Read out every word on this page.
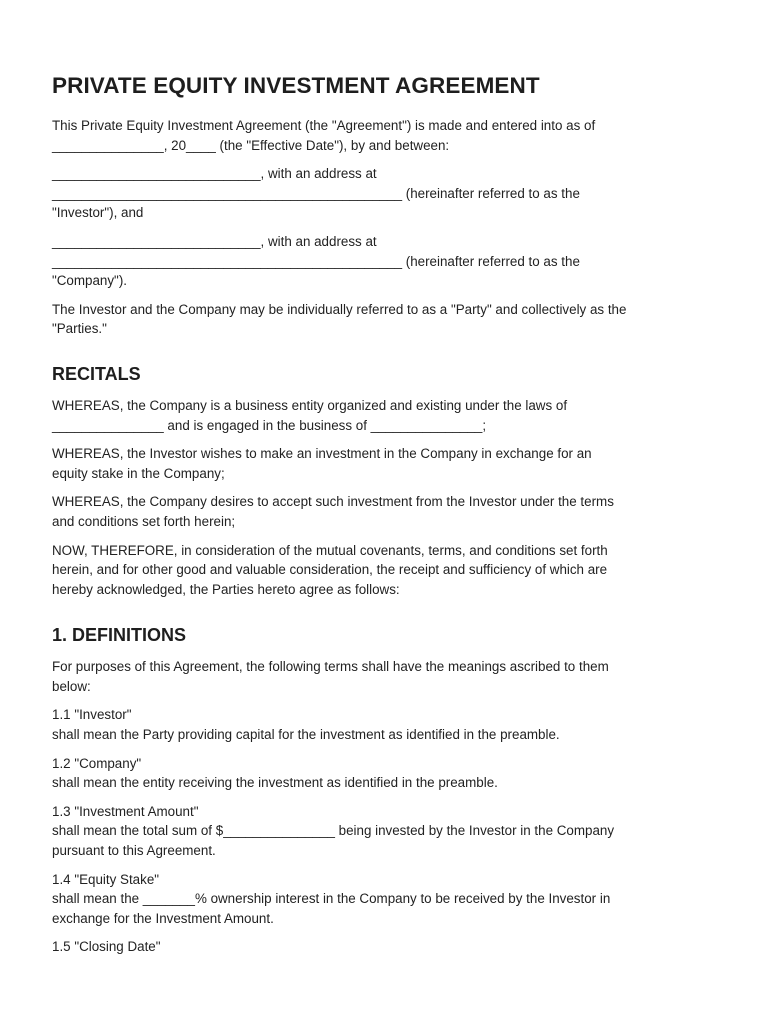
PRIVATE EQUITY INVESTMENT AGREEMENT

This Private Equity Investment Agreement (the "Agreement") is made and entered into as of
_______________, 20____ (the "Effective Date"), by and between:

____________________________, with an address at
_______________________________________________ (hereinafter referred to as the
"Investor"), and

____________________________, with an address at
_______________________________________________ (hereinafter referred to as the
"Company").

The Investor and the Company may be individually referred to as a "Party" and collectively as the
"Parties."

RECITALS

WHEREAS, the Company is a business entity organized and existing under the laws of
_______________ and is engaged in the business of _______________;

WHEREAS, the Investor wishes to make an investment in the Company in exchange for an
equity stake in the Company;

WHEREAS, the Company desires to accept such investment from the Investor under the terms
and conditions set forth herein;

NOW, THEREFORE, in consideration of the mutual covenants, terms, and conditions set forth
herein, and for other good and valuable consideration, the receipt and sufficiency of which are
hereby acknowledged, the Parties hereto agree as follows:

1. DEFINITIONS

For purposes of this Agreement, the following terms shall have the meanings ascribed to them
below:

1.1 "Investor"
shall mean the Party providing capital for the investment as identified in the preamble.

1.2 "Company"
shall mean the entity receiving the investment as identified in the preamble.

1.3 "Investment Amount"
shall mean the total sum of $_______________ being invested by the Investor in the Company
pursuant to this Agreement.

1.4 "Equity Stake"
shall mean the _______% ownership interest in the Company to be received by the Investor in
exchange for the Investment Amount.

1.5 "Closing Date"
